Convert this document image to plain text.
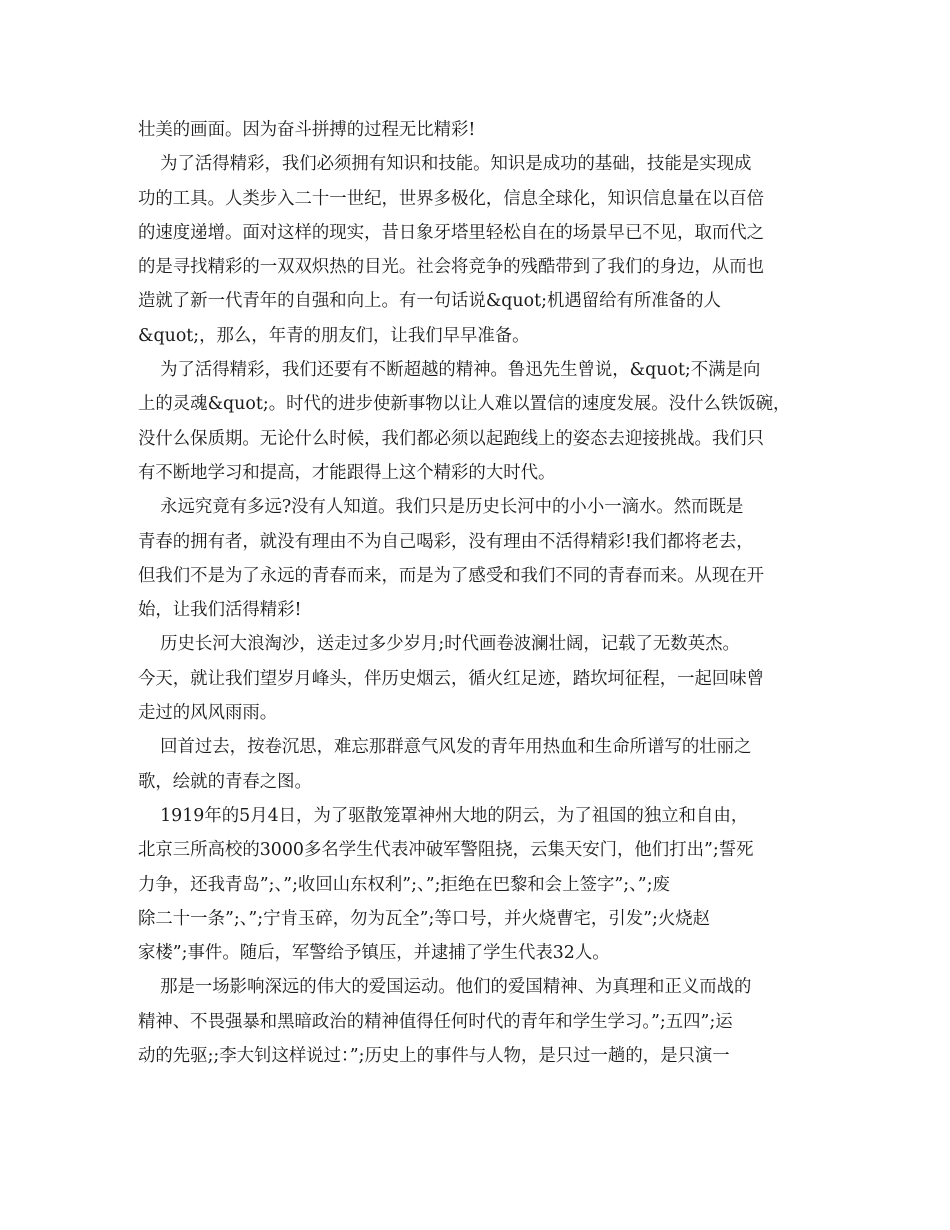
壮美的画面。因为奋斗拼搏的过程无比精彩!
为了活得精彩，我们必须拥有知识和技能。知识是成功的基础，技能是实现成
功的工具。人类步入二十一世纪，世界多极化，信息全球化，知识信息量在以百倍
的速度递增。面对这样的现实，昔日象牙塔里轻松自在的场景早已不见，取而代之
的是寻找精彩的一双双炽热的目光。社会将竞争的残酷带到了我们的身边，从而也
造就了新一代青年的自强和向上。有一句话说&quot;机遇留给有所准备的人
&quot;，那么，年青的朋友们，让我们早早准备。
为了活得精彩，我们还要有不断超越的精神。鲁迅先生曾说，&quot;不满是向
上的灵魂&quot;。时代的进步使新事物以让人难以置信的速度发展。没什么铁饭碗，
没什么保质期。无论什么时候，我们都必须以起跑线上的姿态去迎接挑战。我们只
有不断地学习和提高，才能跟得上这个精彩的大时代。
永远究竟有多远?没有人知道。我们只是历史长河中的小小一滴水。然而既是
青春的拥有者，就没有理由不为自己喝彩，没有理由不活得精彩!我们都将老去，
但我们不是为了永远的青春而来，而是为了感受和我们不同的青春而来。从现在开
始，让我们活得精彩!
历史长河大浪淘沙，送走过多少岁月;时代画卷波澜壮阔，记载了无数英杰。
今天，就让我们望岁月峰头，伴历史烟云，循火红足迹，踏坎坷征程，一起回味曾
走过的风风雨雨。
回首过去，按卷沉思，难忘那群意气风发的青年用热血和生命所谱写的壮丽之
歌，绘就的青春之图。
1919年的5月4日，为了驱散笼罩神州大地的阴云，为了祖国的独立和自由，
北京三所高校的3000多名学生代表冲破军警阻挠，云集天安门，他们打出”;誓死
力争，还我青岛”;、”;收回山东权利”;、”;拒绝在巴黎和会上签字”;、”;废
除二十一条”;、”;宁肯玉碎，勿为瓦全”;等口号，并火烧曹宅，引发”;火烧赵
家楼”;事件。随后，军警给予镇压，并逮捕了学生代表32人。
那是一场影响深远的伟大的爱国运动。他们的爱国精神、为真理和正义而战的
精神、不畏强暴和黑暗政治的精神值得任何时代的青年和学生学习。”;五四”;运
动的先驱;;李大钊这样说过：”;历史上的事件与人物，是只过一趟的，是只演一
